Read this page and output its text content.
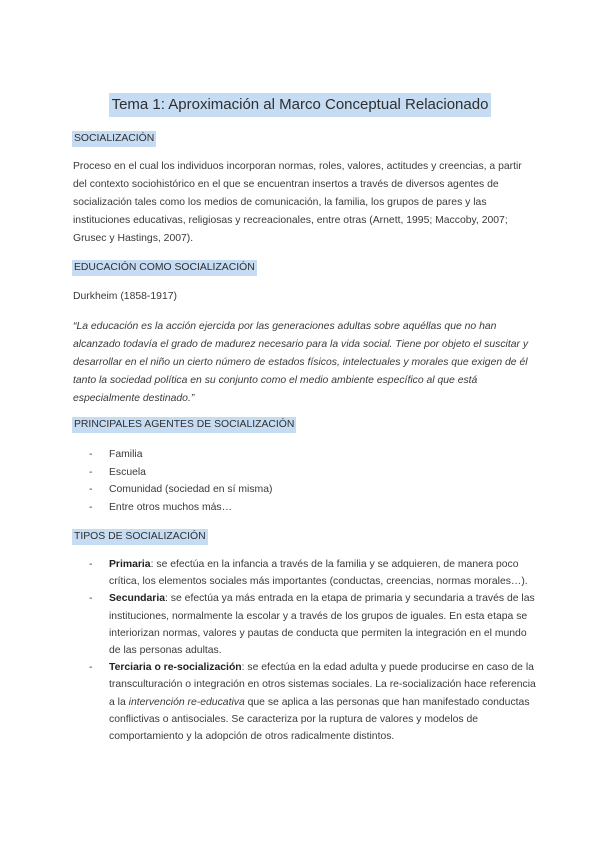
Tema 1: Aproximación al Marco Conceptual Relacionado
SOCIALIZACIÓN

Proceso en el cual los individuos incorporan normas, roles, valores, actitudes y creencias, a partir del contexto sociohistórico en el que se encuentran insertos a través de diversos agentes de socialización tales como los medios de comunicación, la familia, los grupos de pares y las instituciones educativas, religiosas y recreacionales, entre otras (Arnett, 1995; Maccoby, 2007; Grusec y Hastings, 2007).

EDUCACIÓN COMO SOCIALIZACIÓN

Durkheim (1858-1917)

“La educación es la acción ejercida por las generaciones adultas sobre aquéllas que no han alcanzado todavía el grado de madurez necesario para la vida social. Tiene por objeto el suscitar y desarrollar en el niño un cierto número de estados físicos, intelectuales y morales que exigen de él tanto la sociedad política en su conjunto como el medio ambiente específico al que está especialmente destinado.”

PRINCIPALES AGENTES DE SOCIALIZACIÓN
- Familia
- Escuela
- Comunidad (sociedad en sí misma)
- Entre otros muchos más…
TIPOS DE SOCIALIZACIÓN
- Primaria: se efectúa en la infancia a través de la familia y se adquieren, de manera poco crítica, los elementos sociales más importantes (conductas, creencias, normas morales…).
- Secundaria: se efectúa ya más entrada en la etapa de primaria y secundaria a través de las instituciones, normalmente la escolar y a través de los grupos de iguales. En esta etapa se interiorizan normas, valores y pautas de conducta que permiten la integración en el mundo de las personas adultas.
- Terciaria o re-socialización: se efectúa en la edad adulta y puede producirse en caso de la transculturación o integración en otros sistemas sociales. La re-socialización hace referencia a la intervención re-educativa que se aplica a las personas que han manifestado conductas conflictivas o antisociales. Se caracteriza por la ruptura de valores y modelos de comportamiento y la adopción de otros radicalmente distintos.
